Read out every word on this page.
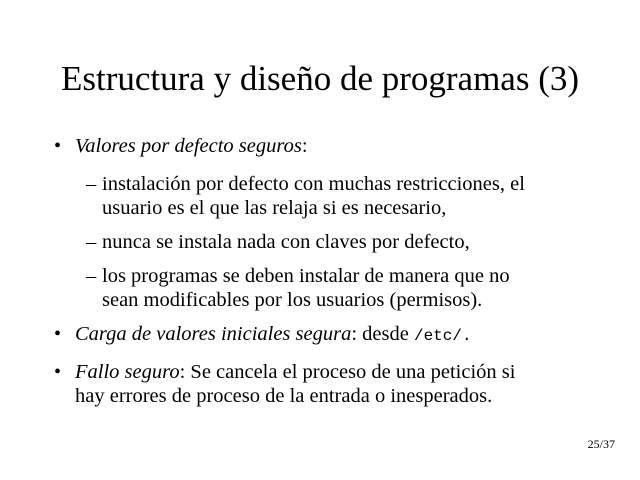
Estructura y diseño de programas (3)
• Valores por defecto seguros:
– instalación por defecto con muchas restricciones, el
usuario es el que las relaja si es necesario,
– nunca se instala nada con claves por defecto,
– los programas se deben instalar de manera que no
sean modificables por los usuarios (permisos).
• Carga de valores iniciales segura: desde /etc/.
• Fallo seguro: Se cancela el proceso de una petición si
hay errores de proceso de la entrada o inesperados.
25/37
